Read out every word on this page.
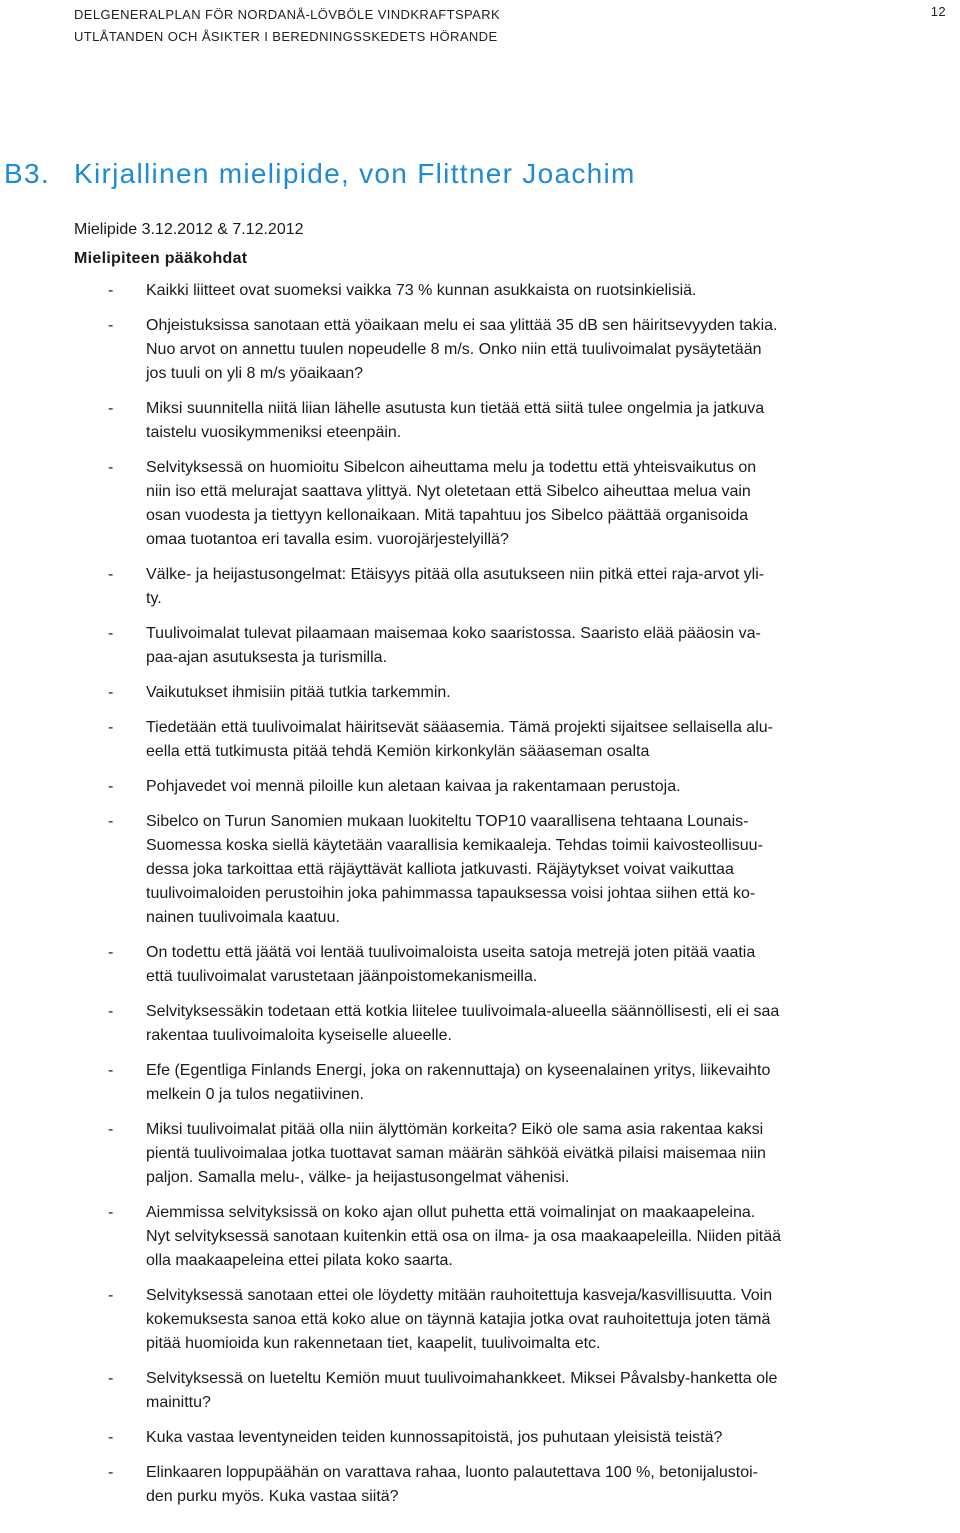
DELGENERALPLAN FÖR NORDANÅ-LÖVBÖLE VINDKRAFTSPARK
UTLÅTANDEN OCH ÅSIKTER I BEREDNINGSSKEDETS HÖRANDE
12
B3. Kirjallinen mielipide, von Flittner Joachim
Mielipide 3.12.2012 & 7.12.2012
Mielipiteen pääkohdat
- Kaikki liitteet ovat suomeksi vaikka 73 % kunnan asukkaista on ruotsinkielisiä.
- Ohjeistuksissa sanotaan että yöaikaan melu ei saa ylittää 35 dB sen häiritsevyyden takia.
Nuo arvot on annettu tuulen nopeudelle 8 m/s. Onko niin että tuulivoimalat pysäytetään
jos tuuli on yli 8 m/s yöaikaan?
- Miksi suunnitella niitä liian lähelle asutusta kun tietää että siitä tulee ongelmia ja jatkuva
taistelu vuosikymmeniksi eteenpäin.
- Selvityksessä on huomioitu Sibelcon aiheuttama melu ja todettu että yhteisvaikutus on
niin iso että melurajat saattava ylittyä. Nyt oletetaan että Sibelco aiheuttaa melua vain
osan vuodesta ja tiettyyn kellonaikaan. Mitä tapahtuu jos Sibelco päättää organisoida
omaa tuotantoa eri tavalla esim. vuorojärjestelyillä?
- Välke- ja heijastusongelmat: Etäisyys pitää olla asutukseen niin pitkä ettei raja-arvot yli-
ty.
- Tuulivoimalat tulevat pilaamaan maisemaa koko saaristossa. Saaristo elää pääosin va-
paa-ajan asutuksesta ja turismilla.
- Vaikutukset ihmisiin pitää tutkia tarkemmin.
- Tiedetään että tuulivoimalat häiritsevät sääasemia. Tämä projekti sijaitsee sellaisella alu-
eella että tutkimusta pitää tehdä Kemiön kirkonkylän sääaseman osalta
- Pohjavedet voi mennä piloille kun aletaan kaivaa ja rakentamaan perustoja.
- Sibelco on Turun Sanomien mukaan luokiteltu TOP10 vaarallisena tehtaana Lounais-
Suomessa koska siellä käytetään vaarallisia kemikaaleja. Tehdas toimii kaivosteollisuu-
dessa joka tarkoittaa että räjäyttävät kalliota jatkuvasti. Räjäytykset voivat vaikuttaa
tuulivoimaloiden perustoihin joka pahimmassa tapauksessa voisi johtaa siihen että ko-
nainen tuulivoimala kaatuu.
- On todettu että jäätä voi lentää tuulivoimaloista useita satoja metrejä joten pitää vaatia
että tuulivoimalat varustetaan jäänpoistomekanismeilla.
- Selvityksessäkin todetaan että kotkia liitelee tuulivoimala-alueella säännöllisesti, eli ei saa
rakentaa tuulivoimaloita kyseiselle alueelle.
- Efe (Egentliga Finlands Energi, joka on rakennuttaja) on kyseenalainen yritys, liikevaihto
melkein 0 ja tulos negatiivinen.
- Miksi tuulivoimalat pitää olla niin älyttömän korkeita? Eikö ole sama asia rakentaa kaksi
pientä tuulivoimalaa jotka tuottavat saman määrän sähköä eivätkä pilaisi maisemaa niin
paljon. Samalla melu-, välke- ja heijastusongelmat vähenisi.
- Aiemmissa selvityksissä on koko ajan ollut puhetta että voimalinjat on maakaapeleina.
Nyt selvityksessä sanotaan kuitenkin että osa on ilma- ja osa maakaapeleilla. Niiden pitää
olla maakaapeleina ettei pilata koko saarta.
- Selvityksessä sanotaan ettei ole löydetty mitään rauhoitettuja kasveja/kasvillisuutta. Voin
kokemuksesta sanoa että koko alue on täynnä katajia jotka ovat rauhoitettuja joten tämä
pitää huomioida kun rakennetaan tiet, kaapelit, tuulivoimalta etc.
- Selvityksessä on lueteltu Kemiön muut tuulivoimahankkeet. Miksei Påvalsby-hanketta ole
mainittu?
- Kuka vastaa leventyneiden teiden kunnossapitoistä, jos puhutaan yleisistä teistä?
- Elinkaaren loppupäähän on varattava rahaa, luonto palautettava 100 %, betonijalustoi-
den purku myös. Kuka vastaa siitä?
